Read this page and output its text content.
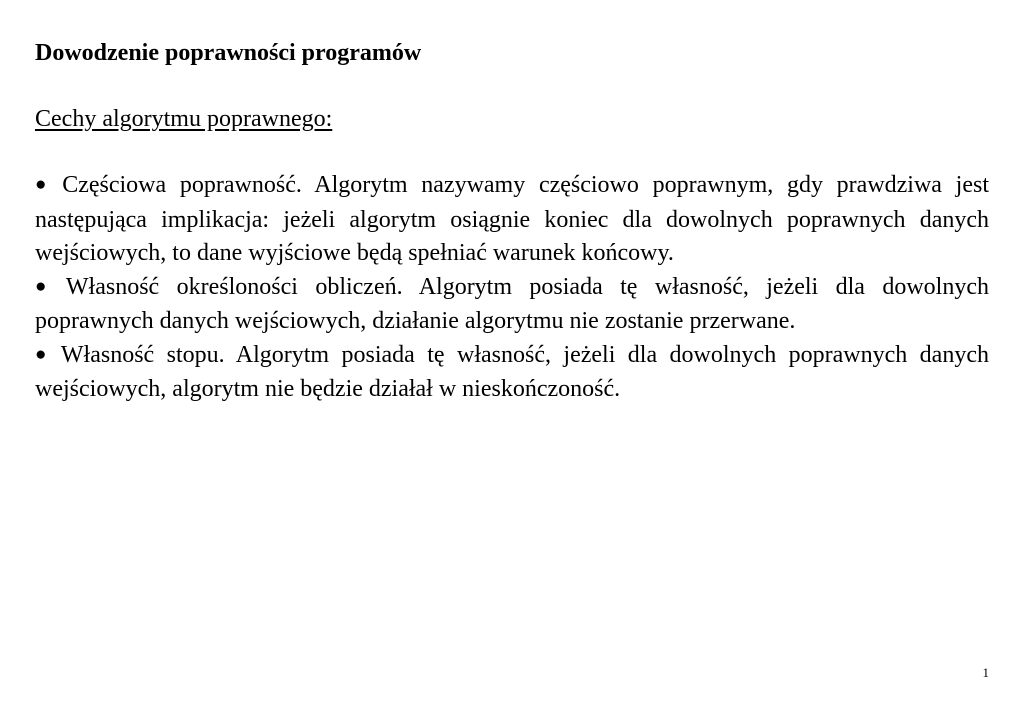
Dowodzenie poprawności programów

Cechy algorytmu poprawnego:

● Częściowa poprawność. Algorytm nazywamy częściowo poprawnym, gdy prawdziwa jest następująca implikacja: jeżeli algorytm osiągnie koniec dla dowolnych poprawnych danych wejściowych, to dane wyjściowe będą spełniać warunek końcowy.

● Własność określoności obliczeń. Algorytm posiada tę własność, jeżeli dla dowolnych poprawnych danych wejściowych, działanie algorytmu nie zostanie przerwane.

● Własność stopu. Algorytm posiada tę własność, jeżeli dla dowolnych poprawnych danych wejściowych, algorytm nie będzie działał w nieskończoność.

1
